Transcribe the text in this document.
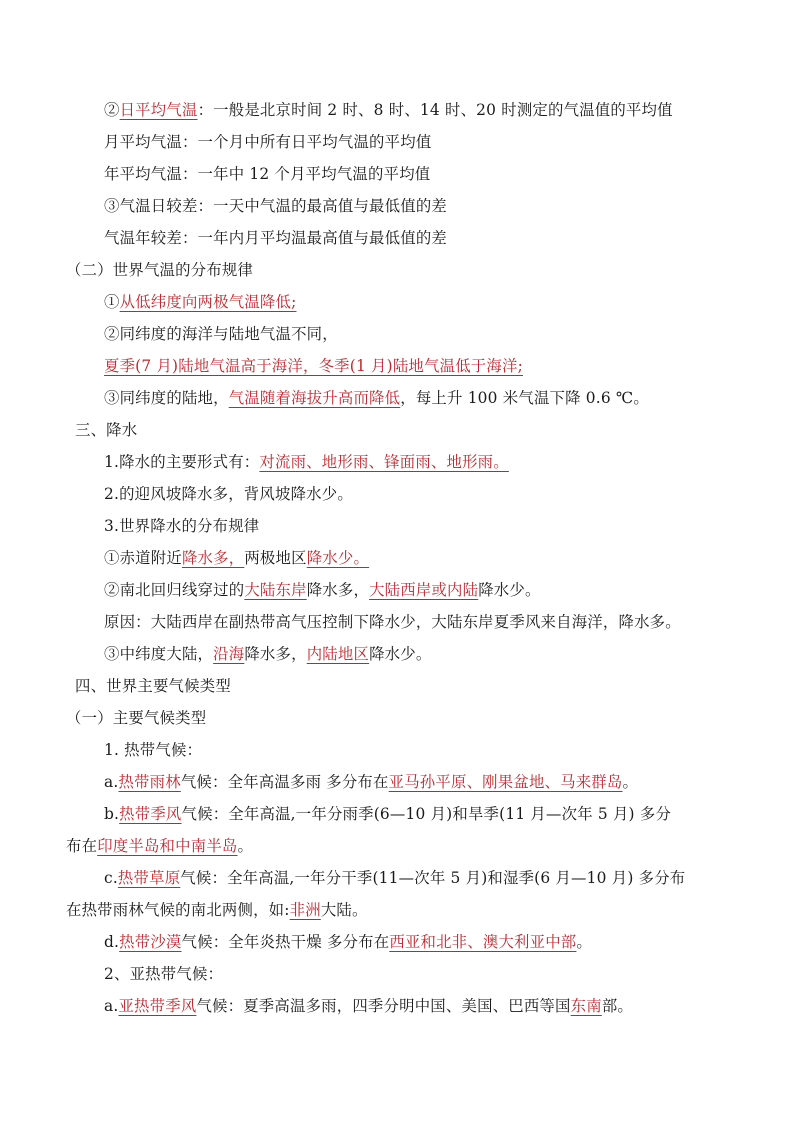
②日平均气温：一般是北京时间 2 时、8 时、14 时、20 时测定的气温值的平均值
月平均气温：一个月中所有日平均气温的平均值
年平均气温：一年中 12 个月平均气温的平均值
③气温日较差：一天中气温的最高值与最低值的差
气温年较差：一年内月平均温最高值与最低值的差
（二）世界气温的分布规律
①从低纬度向两极气温降低;
②同纬度的海洋与陆地气温不同，
夏季(7 月)陆地气温高于海洋，冬季(1 月)陆地气温低于海洋;
③同纬度的陆地，气温随着海拔升高而降低，每上升 100 米气温下降 0.6 ℃。
三、降水
1.降水的主要形式有：对流雨、地形雨、锋面雨、地形雨。
2.的迎风坡降水多，背风坡降水少。
3.世界降水的分布规律
①赤道附近降水多，两极地区降水少。
②南北回归线穿过的大陆东岸降水多，大陆西岸或内陆降水少。
原因：大陆西岸在副热带高气压控制下降水少，大陆东岸夏季风来自海洋，降水多。
③中纬度大陆，沿海降水多，内陆地区降水少。
四、世界主要气候类型
（一）主要气候类型
1. 热带气候：
a.热带雨林气候：全年高温多雨 多分布在亚马孙平原、刚果盆地、马来群岛。
b.热带季风气候：全年高温,一年分雨季(6—10 月)和旱季(11 月—次年 5 月) 多分
布在印度半岛和中南半岛。
c.热带草原气候：全年高温,一年分干季(11—次年 5 月)和湿季(6 月—10 月) 多分布
在热带雨林气候的南北两侧，如:非洲大陆。
d.热带沙漠气候：全年炎热干燥 多分布在西亚和北非、澳大利亚中部。
2、亚热带气候：
a.亚热带季风气候：夏季高温多雨，四季分明中国、美国、巴西等国东南部。
